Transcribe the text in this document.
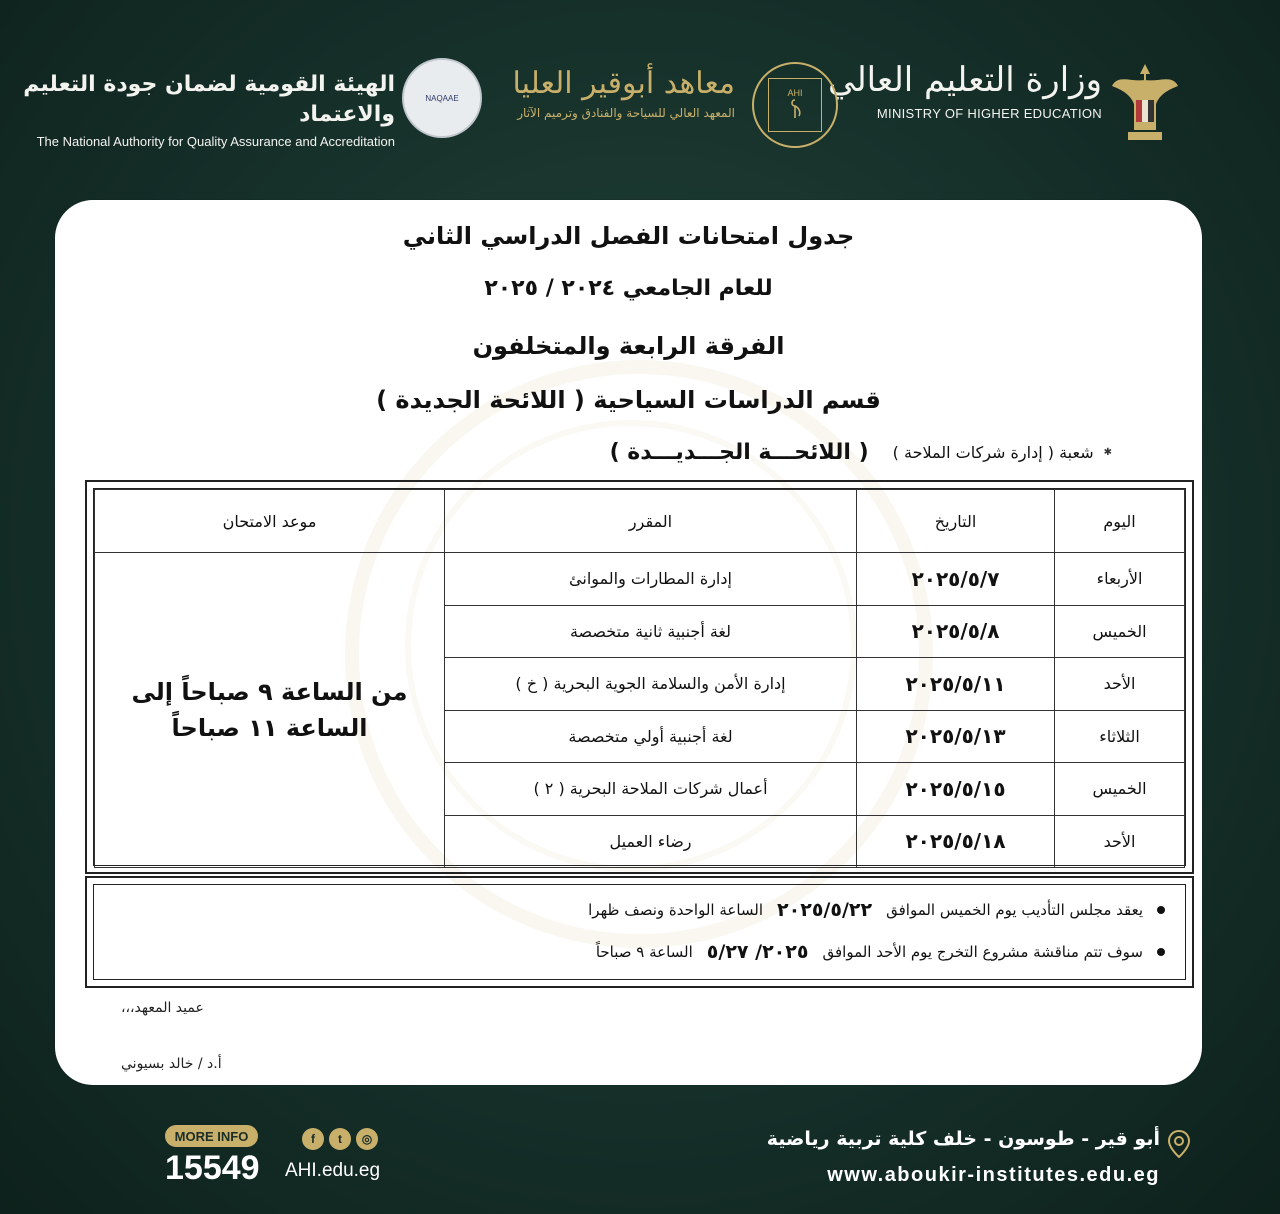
وزارة التعليم العالي
MINISTRY OF HIGHER EDUCATION
AHI
معاهد أبوقير العليا
المعهد العالي للسياحة والفنادق وترميم الآثار
NAQAAE
الهيئة القومية لضمان جودة التعليم والاعتماد
The National Authority for Quality Assurance and Accreditation
جدول امتحانات الفصل الدراسي الثاني
للعام الجامعي ٢٠٢٤ / ٢٠٢٥
الفرقة الرابعة والمتخلفون
قسم الدراسات السياحية ( اللائحة الجديدة )
✱
شعبة ( إدارة شركات الملاحة )
( اللائحـــة الجـــديـــدة )
اليوم	التاريخ	المقرر	موعد الامتحان
الأربعاء	٢٠٢٥/٥/٧	إدارة المطارات والموانئ	من الساعة ٩ صباحاً إلى
الساعة ١١ صباحاً

الخميس	٢٠٢٥/٥/٨	لغة أجنبية ثانية متخصصة	
الأحد	٢٠٢٥/٥/١١	إدارة الأمن والسلامة الجوية البحرية ( خ )	
الثلاثاء	٢٠٢٥/٥/١٣	لغة أجنبية أولي متخصصة	
الخميس	٢٠٢٥/٥/١٥	أعمال شركات الملاحة البحرية ( ٢ )	
الأحد	٢٠٢٥/٥/١٨	رضاء العميل	
يعقد مجلس التأديب يوم الخميس الموافق
٢٠٢٥/٥/٢٢
الساعة الواحدة ونصف ظهرا
سوف تتم مناقشة مشروع التخرج يوم الأحد الموافق
٢٠٢٥/ ٥/٢٧
الساعة ٩ صباحاً
عميد المعهد،،،
أ.د / خالد بسيوني
MORE INFO
15549
f	t	◎
AHI.edu.eg
أبو قير - طوسون - خلف كلية تربية رياضية
www.aboukir-institutes.edu.eg
